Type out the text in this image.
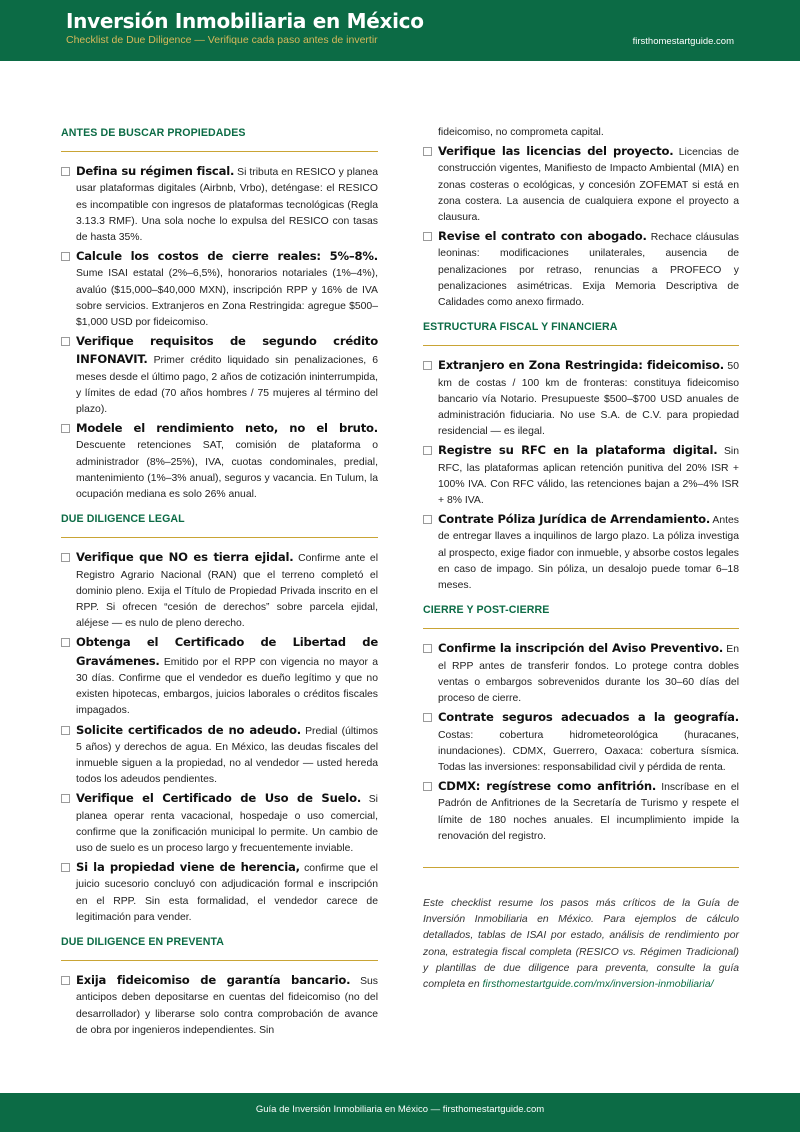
Inversión Inmobiliaria en México
Checklist de Due Diligence — Verifique cada paso antes de invertir	firsthomestartguide.com
ANTES DE BUSCAR PROPIEDADES
Defina su régimen fiscal. Si tributa en RESICO y planea usar plataformas digitales (Airbnb, Vrbo), deténgase: el RESICO es incompatible con ingresos de plataformas tecnológicas (Regla 3.13.3 RMF). Una sola noche lo expulsa del RESICO con tasas de hasta 35%.
Calcule los costos de cierre reales: 5%–8%. Sume ISAI estatal (2%–6,5%), honorarios notariales (1%–4%), avalúo ($15,000–$40,000 MXN), inscripción RPP y 16% de IVA sobre servicios. Extranjeros en Zona Restringida: agregue $500–$1,000 USD por fideicomiso.
Verifique requisitos de segundo crédito INFONAVIT. Primer crédito liquidado sin penalizaciones, 6 meses desde el último pago, 2 años de cotización ininterrumpida, y límites de edad (70 años hombres / 75 mujeres al término del plazo).
Modele el rendimiento neto, no el bruto. Descuente retenciones SAT, comisión de plataforma o administrador (8%–25%), IVA, cuotas condominales, predial, mantenimiento (1%–3% anual), seguros y vacancia. En Tulum, la ocupación mediana es solo 26% anual.
DUE DILIGENCE LEGAL
Verifique que NO es tierra ejidal. Confirme ante el Registro Agrario Nacional (RAN) que el terreno completó el dominio pleno. Exija el Título de Propiedad Privada inscrito en el RPP. Si ofrecen “cesión de derechos” sobre parcela ejidal, aléjese — es nulo de pleno derecho.
Obtenga el Certificado de Libertad de Gravámenes. Emitido por el RPP con vigencia no mayor a 30 días. Confirme que el vendedor es dueño legítimo y que no existen hipotecas, embargos, juicios laborales o créditos fiscales impagados.
Solicite certificados de no adeudo. Predial (últimos 5 años) y derechos de agua. En México, las deudas fiscales del inmueble siguen a la propiedad, no al vendedor — usted hereda todos los adeudos pendientes.
Verifique el Certificado de Uso de Suelo. Si planea operar renta vacacional, hospedaje o uso comercial, confirme que la zonificación municipal lo permite. Un cambio de uso de suelo es un proceso largo y frecuentemente inviable.
Si la propiedad viene de herencia, confirme que el juicio sucesorio concluyó con adjudicación formal e inscripción en el RPP. Sin esta formalidad, el vendedor carece de legitimación para vender.
DUE DILIGENCE EN PREVENTA
Exija fideicomiso de garantía bancario. Sus anticipos deben depositarse en cuentas del fideicomiso (no del desarrollador) y liberarse solo contra comprobación de avance de obra por ingenieros independientes. Sin
fideicomiso, no comprometa capital.
Verifique las licencias del proyecto. Licencias de construcción vigentes, Manifiesto de Impacto Ambiental (MIA) en zonas costeras o ecológicas, y concesión ZOFEMAT si está en zona costera. La ausencia de cualquiera expone el proyecto a clausura.
Revise el contrato con abogado. Rechace cláusulas leoninas: modificaciones unilaterales, ausencia de penalizaciones por retraso, renuncias a PROFECO y penalizaciones asimétricas. Exija Memoria Descriptiva de Calidades como anexo firmado.
ESTRUCTURA FISCAL Y FINANCIERA
Extranjero en Zona Restringida: fideicomiso. 50 km de costas / 100 km de fronteras: constituya fideicomiso bancario vía Notario. Presupueste $500–$700 USD anuales de administración fiduciaria. No use S.A. de C.V. para propiedad residencial — es ilegal.
Registre su RFC en la plataforma digital. Sin RFC, las plataformas aplican retención punitiva del 20% ISR + 100% IVA. Con RFC válido, las retenciones bajan a 2%–4% ISR + 8% IVA.
Contrate Póliza Jurídica de Arrendamiento. Antes de entregar llaves a inquilinos de largo plazo. La póliza investiga al prospecto, exige fiador con inmueble, y absorbe costos legales en caso de impago. Sin póliza, un desalojo puede tomar 6–18 meses.
CIERRE Y POST-CIERRE
Confirme la inscripción del Aviso Preventivo. En el RPP antes de transferir fondos. Lo protege contra dobles ventas o embargos sobrevenidos durante los 30–60 días del proceso de cierre.
Contrate seguros adecuados a la geografía. Costas: cobertura hidrometeorológica (huracanes, inundaciones). CDMX, Guerrero, Oaxaca: cobertura sísmica. Todas las inversiones: responsabilidad civil y pérdida de renta.
CDMX: regístrese como anfitrión. Inscríbase en el Padrón de Anfitriones de la Secretaría de Turismo y respete el límite de 180 noches anuales. El incumplimiento impide la renovación del registro.
Este checklist resume los pasos más críticos de la Guía de Inversión Inmobiliaria en México. Para ejemplos de cálculo detallados, tablas de ISAI por estado, análisis de rendimiento por zona, estrategia fiscal completa (RESICO vs. Régimen Tradicional) y plantillas de due diligence para preventa, consulte la guía completa en firsthomestartguide.com/mx/inversion-inmobiliaria/
Guía de Inversión Inmobiliaria en México — firsthomestartguide.com
